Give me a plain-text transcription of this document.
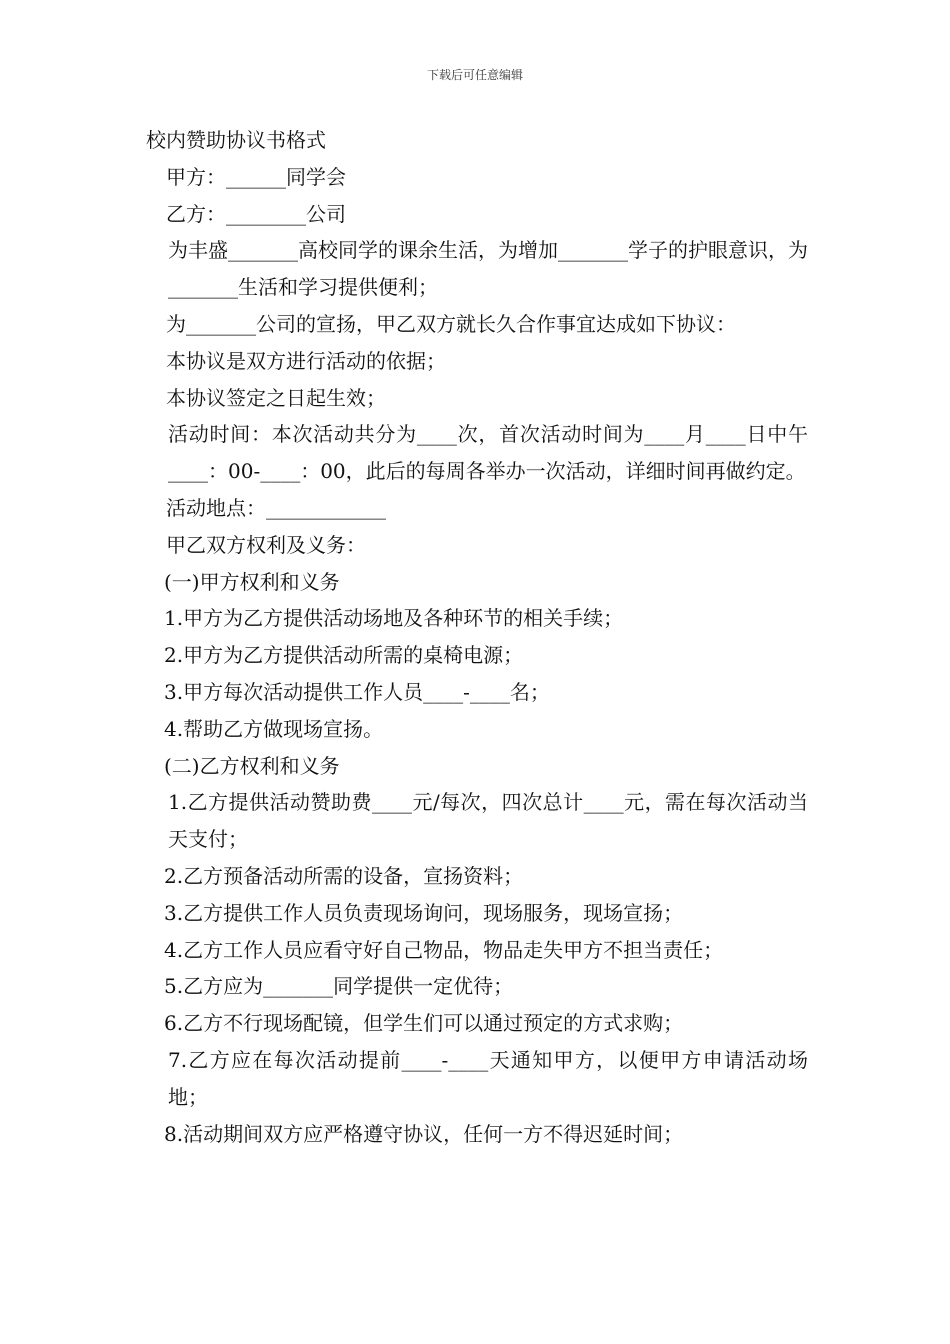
下载后可任意编辑

校内赞助协议书格式

甲方：______同学会

乙方：________公司

为丰盛_______高校同学的课余生活，为增加_______学子的护眼意识，为_______生活和学习提供便利；

为_______公司的宣扬，甲乙双方就长久合作事宜达成如下协议：

本协议是双方进行活动的依据；

本协议签定之日起生效；

活动时间：本次活动共分为____次，首次活动时间为____月____日中午____：00-____：00，此后的每周各举办一次活动，详细时间再做约定。

活动地点：____________

甲乙双方权利及义务：

(一)甲方权利和义务

1.甲方为乙方提供活动场地及各种环节的相关手续；

2.甲方为乙方提供活动所需的桌椅电源；

3.甲方每次活动提供工作人员____-____名；

4.帮助乙方做现场宣扬。

(二)乙方权利和义务

1.乙方提供活动赞助费____元/每次，四次总计____元，需在每次活动当天支付；

2.乙方预备活动所需的设备，宣扬资料；

3.乙方提供工作人员负责现场询问，现场服务，现场宣扬；

4.乙方工作人员应看守好自己物品，物品走失甲方不担当责任；

5.乙方应为_______同学提供一定优待；

6.乙方不行现场配镜，但学生们可以通过预定的方式求购；

7.乙方应在每次活动提前____-____天通知甲方，以便甲方申请活动场地；

8.活动期间双方应严格遵守协议，任何一方不得迟延时间；
